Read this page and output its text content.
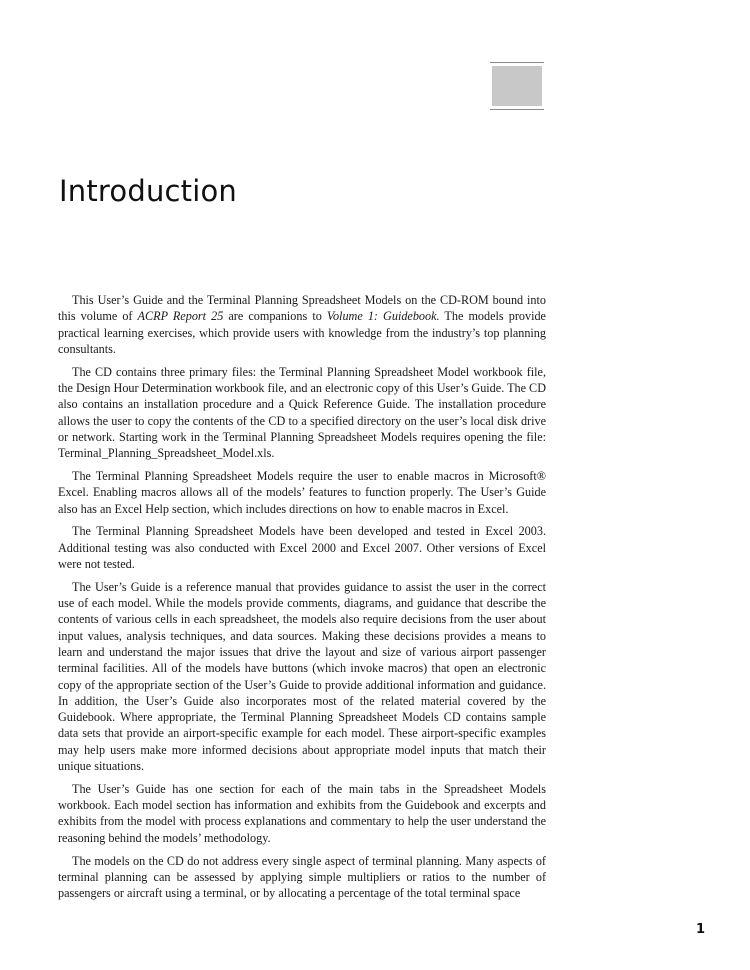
Introduction

This User’s Guide and the Terminal Planning Spreadsheet Models on the CD-ROM bound into this volume of ACRP Report 25 are companions to Volume 1: Guidebook. The models provide practical learning exercises, which provide users with knowledge from the industry’s top planning consultants.

The CD contains three primary files: the Terminal Planning Spreadsheet Model workbook file, the Design Hour Determination workbook file, and an electronic copy of this User’s Guide. The CD also contains an installation procedure and a Quick Reference Guide. The installation procedure allows the user to copy the contents of the CD to a specified directory on the user’s local disk drive or network. Starting work in the Terminal Planning Spreadsheet Models requires opening the file: Terminal_Planning_Spreadsheet_Model.xls.

The Terminal Planning Spreadsheet Models require the user to enable macros in Microsoft® Excel. Enabling macros allows all of the models’ features to function properly. The User’s Guide also has an Excel Help section, which includes directions on how to enable macros in Excel.

The Terminal Planning Spreadsheet Models have been developed and tested in Excel 2003. Additional testing was also conducted with Excel 2000 and Excel 2007. Other versions of Excel were not tested.

The User’s Guide is a reference manual that provides guidance to assist the user in the correct use of each model. While the models provide comments, diagrams, and guidance that describe the contents of various cells in each spreadsheet, the models also require decisions from the user about input values, analysis techniques, and data sources. Making these decisions provides a means to learn and understand the major issues that drive the layout and size of various airport passenger terminal facilities. All of the models have buttons (which invoke macros) that open an electronic copy of the appropriate section of the User’s Guide to provide additional information and guidance. In addition, the User’s Guide also incorporates most of the related material covered by the Guidebook. Where appropriate, the Terminal Planning Spreadsheet Models CD contains sample data sets that provide an airport-specific example for each model. These airport-specific examples may help users make more informed decisions about appropriate model inputs that match their unique situations.

The User’s Guide has one section for each of the main tabs in the Spreadsheet Models workbook. Each model section has information and exhibits from the Guidebook and excerpts and exhibits from the model with process explanations and commentary to help the user understand the reasoning behind the models’ methodology.

The models on the CD do not address every single aspect of terminal planning. Many aspects of terminal planning can be assessed by applying simple multipliers or ratios to the number of passengers or aircraft using a terminal, or by allocating a percentage of the total terminal space

1
